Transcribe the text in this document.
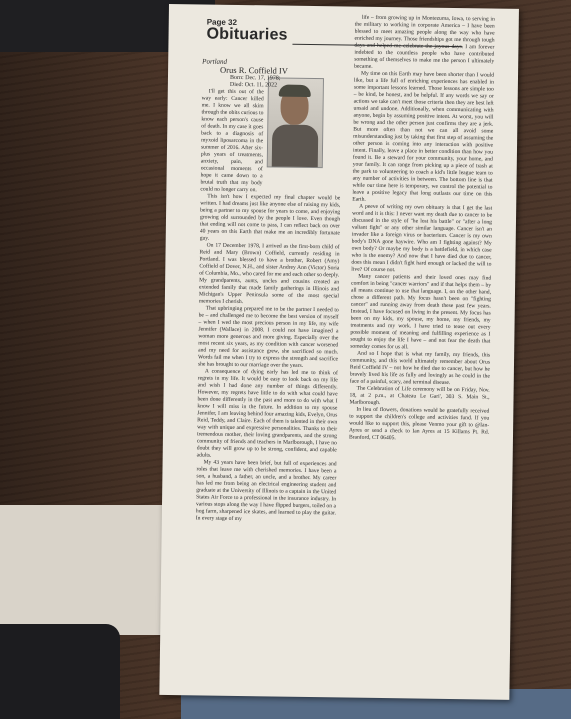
Page 32
Obituaries
Portland
Orus R. Coffield IV
Born: Dec. 17, 1978;
Died: Oct. 11, 2022

I'll get this out of the way early: Cancer killed me. I know we all skim through the obits curious to know each person's cause of death. In my case it goes back to a diagnosis of myxoid liposarcoma in the summer of 2016. After six-plus years of treatments, anxiety, pain, and occasional moments of hope it came down to a brutal truth that my body could no longer carry on.

This isn't how I expected my final chapter would be written. I had dreams just like anyone else of raising my kids, being a partner to my spouse for years to come, and enjoying growing old surrounded by the people I love. Even though that ending will not come to pass, I can reflect back on over 40 years on this Earth that make me an incredibly fortunate guy.

On 17 December 1978, I arrived as the first-born child of Reid and Mary (Brown) Coffield, currently residing in Portland. I was blessed to have a brother, Robert (Amy) Coffield of Dover, N.H., and sister Andrey Ann (Victor) Soria of Columbia, Mo., who cared for me and each other so deeply. My grandparents, aunts, uncles and cousins created an extended family that made family gatherings in Illinois and Michigan's Upper Peninsula some of the most special memories I cherish.

That upbringing prepared me to be the partner I needed to be – and challenged me to become the best version of myself – when I wed the most precious person in my life, my wife Jennifer (Wallace) in 2008. I could not have imagined a woman more generous and more giving. Especially over the most recent six years, as my condition with cancer worsened and my need for assistance grew, she sacrificed so much. Words fail me when I try to express the strength and sacrifice she has brought to our marriage over the years.

A consequence of dying early has led me to think of regrets in my life. It would be easy to look back on my life and wish I had done any number of things differently. However, my regrets have little to do with what could have been done differently in the past and more to do with what I know I will miss in the future. In addition to my spouse Jennifer, I am leaving behind four amazing kids, Evelyn, Orus Reid, Teddy, and Claire. Each of them is talented in their own way with unique and expressive personalities. Thanks to their tremendous mother, their loving grandparents, and the strong community of friends and teachers in Marlborough, I have no doubt they will grow up to be strong, confident, and capable adults.

My 43 years have been brief, but full of experiences and roles that leave me with cherished memories. I have been a son, a husband, a father, an uncle, and a brother. My career has led me from being an electrical engineering student and graduate at the University of Illinois to a captain in the United States Air Force to a professional in the insurance industry. In various stops along the way I have flipped burgers, toiled on a hog farm, sharpened ice skates, and learned to play the guitar. In every stage of my

life – from growing up in Montezuma, Iowa, to serving in the military to working in corporate America – I have been blessed to meet amazing people along the way who have enriched my journey. Those friendships got me through tough days and helped me celebrate the joyous days. I am forever indebted to the countless people who have contributed something of themselves to make me the person I ultimately became.

My time on this Earth may have been shorter than I would like, but a life full of enriching experiences has enabled in some important lessons learned. Those lessons are simple too – be kind, be honest, and be helpful. If any words we say or actions we take can't meet those criteria then they are best left unsaid and undone. Additionally, when communicating with anyone, begin by assuming positive intent. At worst, you will be wrong and the other person just confirms they are a jerk. But more often than not we can all avoid some misunderstanding just by taking that first step of assuming the other person is coming into any interaction with positive intent. Finally, leave a place in better condition than how you found it. Be a steward for your community, your home, and your family. It can range from picking up a piece of trash at the park to volunteering to coach a kid's little league team to any number of activities in between. The bottom line is that while our time here is temporary, we control the potential to leave a positive legacy that long outlasts our time on this Earth.

A peeve of writing my own obituary is that I get the last word and it is this: I never want my death due to cancer to be discussed in the style of "he lost his battle" or "after a long valiant fight" or any other similar language. Cancer isn't an invader like a foreign virus or bacterium. Cancer is my own body's DNA gone haywire. Who am I fighting against? My own body? Or maybe my body is a battlefield, in which case who is the enemy? And now that I have died due to cancer, does this mean I didn't fight hard enough or lacked the will to live? Of course not.

Many cancer patients and their loved ones may find comfort in being "cancer warriors" and if that helps them – by all means continue to use that language. I, on the other hand, chose a different path. My focus hasn't been on "fighting cancer" and running away from death these past few years. Instead, I have focused on living in the present. My focus has been on my kids, my spouse, my home, my friends, my treatments and my work. I have tried to tease out every possible moment of meaning and fulfilling experience as I sought to enjoy the life I have – and not fear the death that someday comes for us all.

And so I hope that is what my family, my friends, this community, and this world ultimately remember about Orus Reid Coffield IV – not how he died due to cancer, but how he bravely lived his life as fully and lovingly as he could in the face of a painful, scary, and terminal disease.

The Celebration of Life ceremony will be on Friday, Nov. 18, at 2 p.m., at Chateau Le Gari', 303 S. Main St., Marlborough.

In lieu of flowers, donations would be gratefully received to support the children's college and activities fund. If you would like to support this, please Venmo your gift to @Ian-Ayres or send a check to Ian Ayres at 15 Killams Pt. Rd. Branford, CT 06405.
